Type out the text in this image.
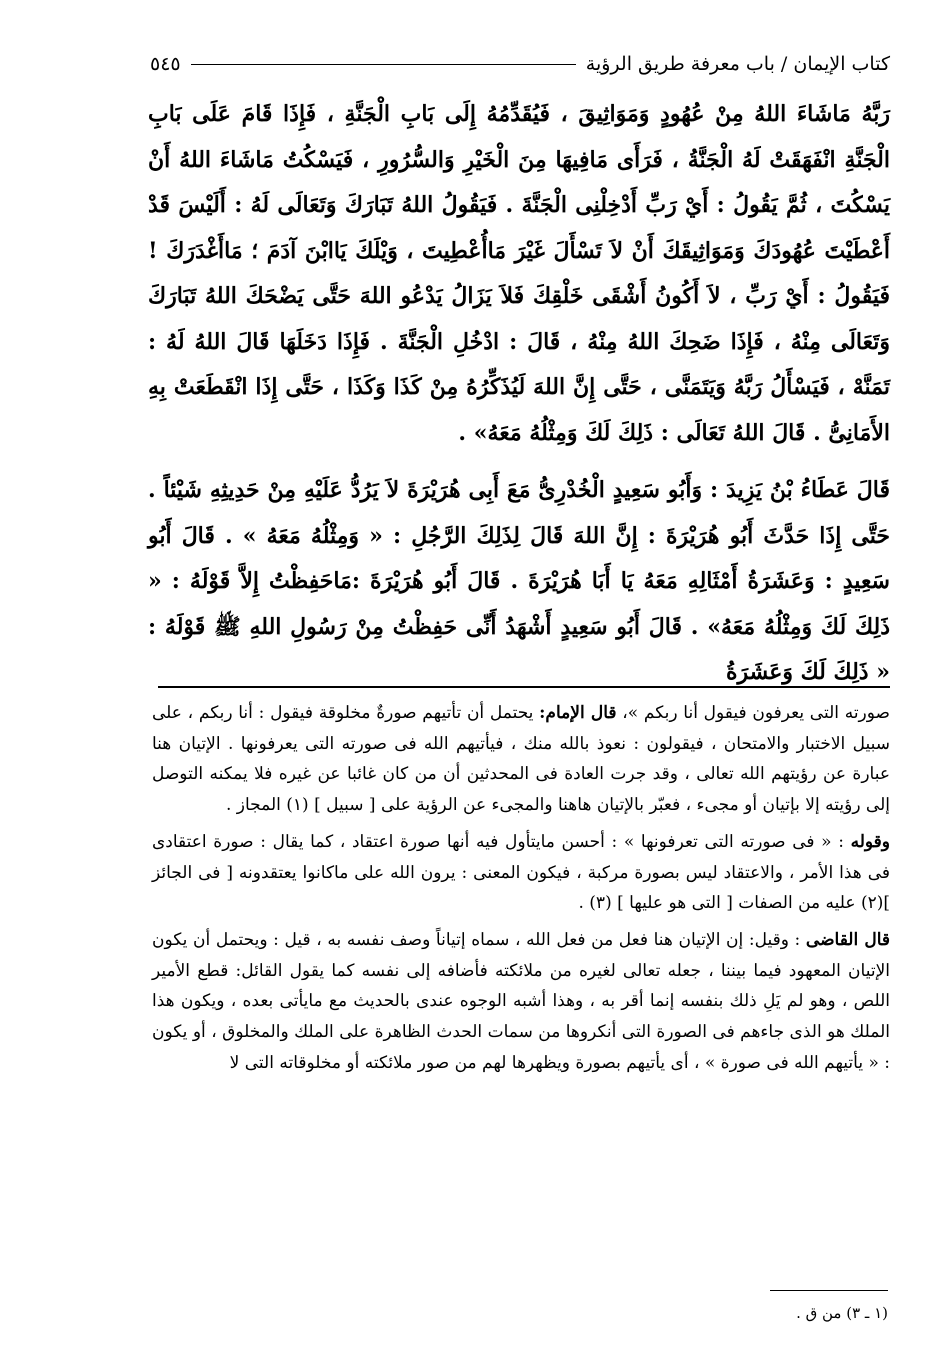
كتاب الإيمان / باب معرفة طريق الرؤية
٥٤٥

رَبَّهُ مَاشَاءَ اللهُ مِنْ عُهُودٍ وَمَوَاثِيقَ ، فَيُقَدِّمُهُ إِلَى بَابِ الْجَنَّةِ ، فَإِذَا قَامَ عَلَى بَابِ الْجَنَّةِ انْفَهَقَتْ لَهُ الْجَنَّةُ ، فَرَأَى مَافِيهَا مِنَ الْخَيْرِ وَالسُّرُورِ ، فَيَسْكُتُ مَاشَاءَ اللهُ أَنْ يَسْكُتَ ، ثُمَّ يَقُولُ : أَيْ رَبِّ أَدْخِلْنِى الْجَنَّةَ . فَيَقُولُ اللهُ تَبَارَكَ وَتَعَالَى لَهُ : أَلَيْسَ قَدْ أَعْطَيْتَ عُهُودَكَ وَمَوَاثِيقَكَ أَنْ لاَ تَسْأَلَ غَيْرَ مَاأُعْطِيتَ ، وَيْلَكَ يَاابْنَ آدَمَ ؛ مَاأَغْدَرَكَ ! فَيَقُولُ : أَيْ رَبِّ ، لاَ أَكُونُ أَشْقَى خَلْقِكَ فَلاَ يَزَالُ يَدْعُو اللهَ حَتَّى يَضْحَكَ اللهُ تَبَارَكَ وَتَعَالَى مِنْهُ ، فَإِذَا ضَحِكَ اللهُ مِنْهُ ، قَالَ : ادْخُلِ الْجَنَّةَ . فَإِذَا دَخَلَهَا قَالَ اللهُ لَهُ : تَمَنَّهْ ، فَيَسْأَلُ رَبَّهُ وَيَتَمَنَّى ، حَتَّى إِنَّ اللهَ لَيُذَكِّرُهُ مِنْ كَذَا وَكَذَا ، حَتَّى إِذَا انْقَطَعَتْ بِهِ الأَمَانِىُّ . قَالَ اللهُ تَعَالَى : ذَلِكَ لَكَ وَمِثْلُهُ مَعَهُ» .

قَالَ عَطَاءُ بْنُ يَزِيدَ : وَأَبُو سَعِيدٍ الْخُدْرِىُّ مَعَ أَبِى هُرَيْرَةَ لاَ يَرُدُّ عَلَيْهِ مِنْ حَدِيثِهِ شَيْئاً . حَتَّى إِذَا حَدَّثَ أَبُو هُرَيْرَةَ : إِنَّ اللهَ قَالَ لِذَلِكَ الرَّجُلِ : « وَمِثْلُهُ مَعَهُ » . قَالَ أَبُو سَعِيدٍ : وَعَشَرَةُ أَمْثَالِهِ مَعَهُ يَا أَبَا هُرَيْرَةَ . قَالَ أَبُو هُرَيْرَةَ :مَاحَفِظْتُ إِلاَّ قَوْلَهُ : « ذَلِكَ لَكَ وَمِثْلُهُ مَعَهُ» . قَالَ أَبُو سَعِيدٍ أَشْهَدُ أَنِّى حَفِظْتُ مِنْ رَسُولِ اللهِ ﷺ قَوْلَهُ : « ذَلِكَ لَكَ وَعَشَرَةُ

صورته التى يعرفون فيقول أنا ربكم »، قال الإمام: يحتمل أن تأتيهم صورةٌ مخلوقة فيقول : أنا ربكم ، على سبيل الاختبار والامتحان ، فيقولون : نعوذ بالله منك ، فيأتيهم الله فى صورته التى يعرفونها . الإتيان هنا عبارة عن رؤيتهم الله تعالى ، وقد جرت العادة فى المحدثين أن من كان غائبا عن غيره فلا يمكنه التوصل إلى رؤيته إلا بإتيان أو مجىء ، فعبّر بالإتيان هاهنا والمجىء عن الرؤية على [ سبيل ] (١) المجاز .

وقوله : « فى صورته التى تعرفونها » : أحسن مايتأول فيه أنها صورة اعتقاد ، كما يقال : صورة اعتقادى فى هذا الأمر ، والاعتقاد ليس بصورة مركبة ، فيكون المعنى : يرون الله على ماكانوا يعتقدونه [ فى الجائز ](٢) عليه من الصفات [ التى هو عليها ] (٣) .

قال القاضى : وقيل: إن الإتيان هنا فعل من فعل الله ، سماه إتياناً وصف نفسه به ، قيل : ويحتمل أن يكون الإتيان المعهود فيما بيننا ، جعله تعالى لغيره من ملائكته فأضافه إلى نفسه كما يقول القائل: قطع الأمير اللص ، وهو لم يَلِ ذلك بنفسه إنما أقر به ، وهذا أشبه الوجوه عندى بالحديث مع مايأتى بعده ، ويكون هذا الملك هو الذى جاءهم فى الصورة التى أنكروها من سمات الحدث الظاهرة على الملك والمخلوق ، أو يكون : « يأتيهم الله فى صورة » ، أى يأتيهم بصورة ويظهرها لهم من صور ملائكته أو مخلوقاته التى لا

(١ ـ ٣) من ق .
